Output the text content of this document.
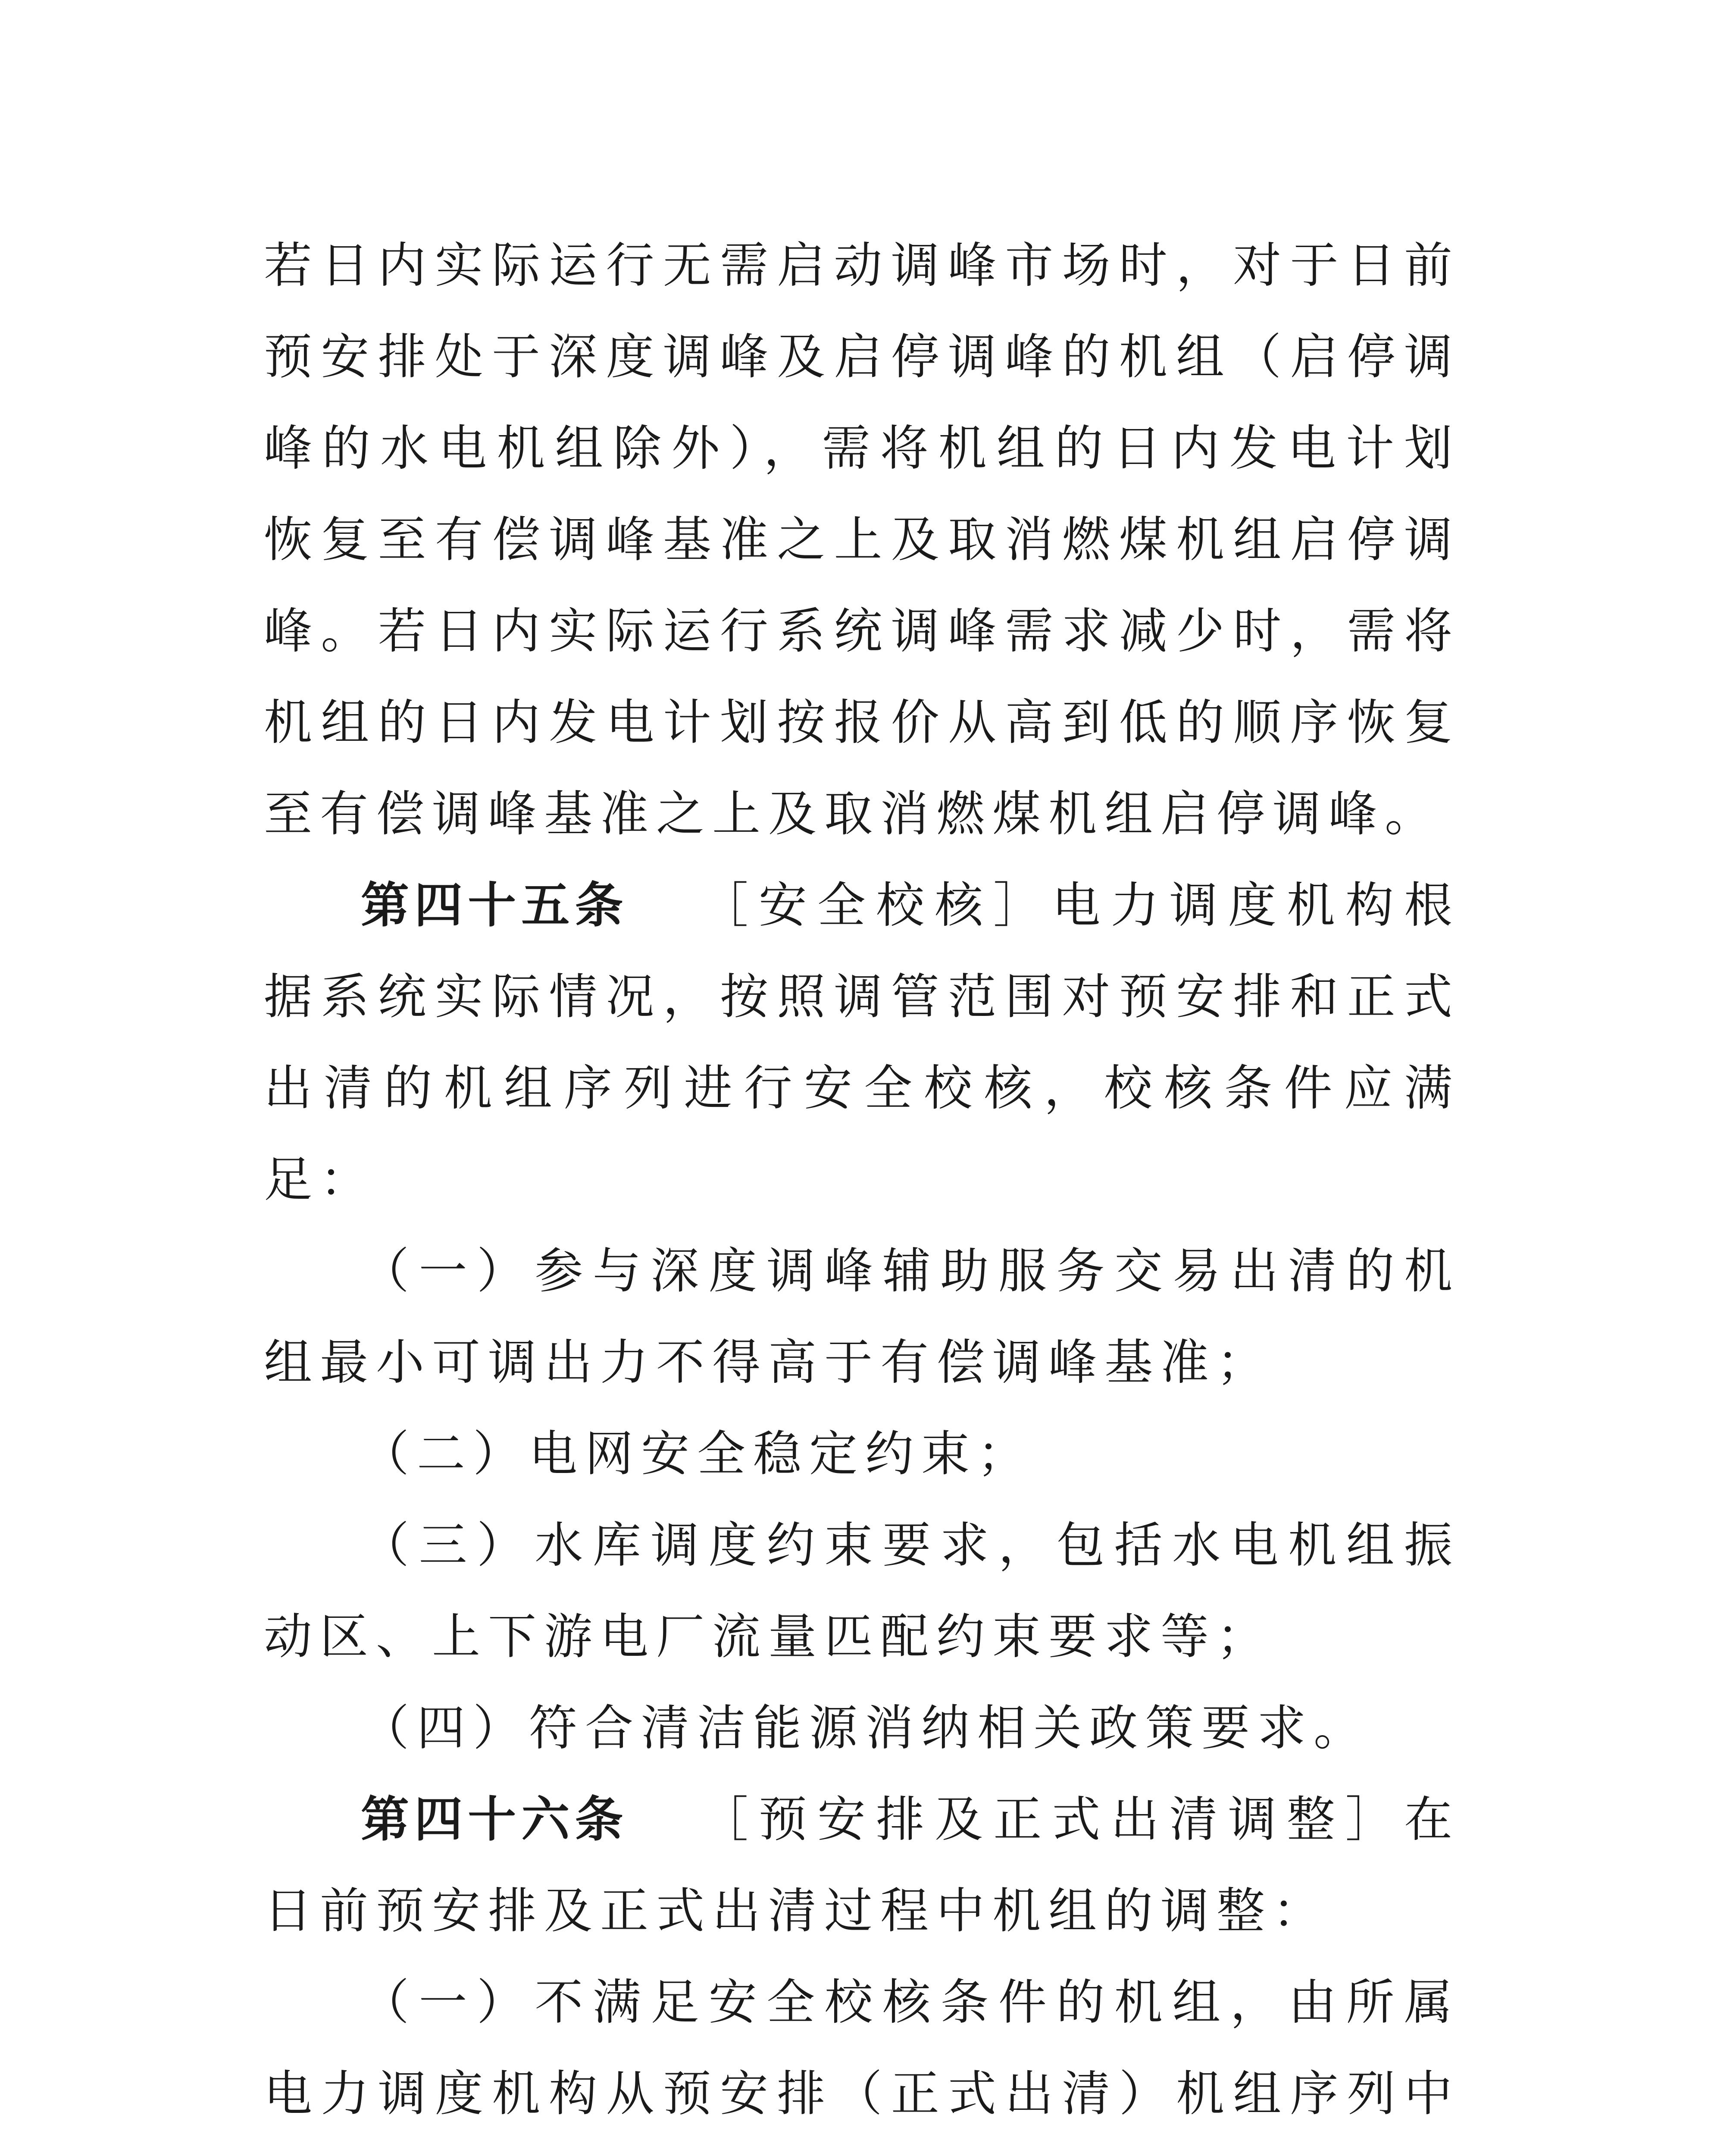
若日内实际运行无需启动调峰市场时，对于日前预安排处于深度调峰及启停调峰的机组（启停调峰的水电机组除外），需将机组的日内发电计划恢复至有偿调峰基准之上及取消燃煤机组启停调峰。若日内实际运行系统调峰需求减少时，需将机组的日内发电计划按报价从高到低的顺序恢复至有偿调峰基准之上及取消燃煤机组启停调峰。

第四十五条 ［安全校核］电力调度机构根据系统实际情况，按照调管范围对预安排和正式出清的机组序列进行安全校核，校核条件应满足：

（一）参与深度调峰辅助服务交易出清的机组最小可调出力不得高于有偿调峰基准；

（二）电网安全稳定约束；

（三）水库调度约束要求，包括水电机组振动区、上下游电厂流量匹配约束要求等；

（四）符合清洁能源消纳相关政策要求。

第四十六条 ［预安排及正式出清调整］在日前预安排及正式出清过程中机组的调整：

（一）不满足安全校核条件的机组，由所属电力调度机构从预安排（正式出清）机组序列中
